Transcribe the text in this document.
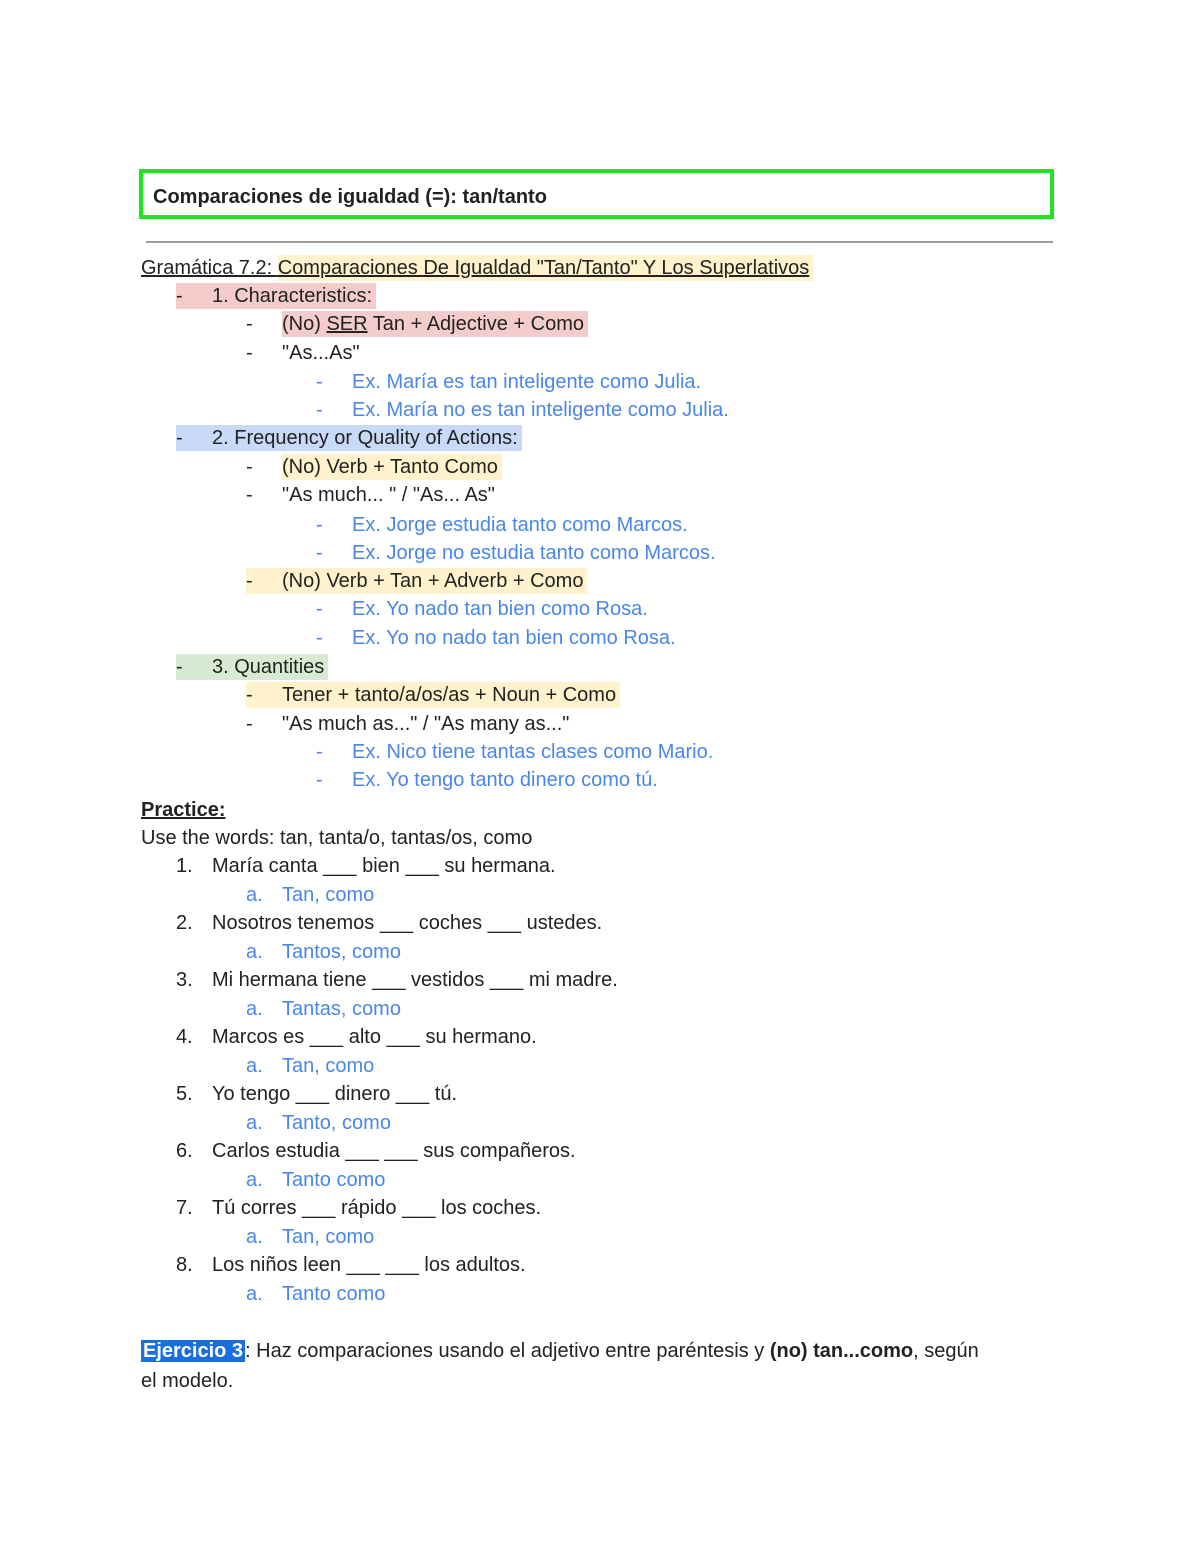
Comparaciones de igualdad (=): tan/tanto
Gramática 7.2: Comparaciones De Igualdad "Tan/Tanto" Y Los Superlativos
- 1. Characteristics:
- (No) SER Tan + Adjective + Como
- "As...As"
- Ex. María es tan inteligente como Julia.
- Ex. María no es tan inteligente como Julia.
- 2. Frequency or Quality of Actions:
- (No) Verb + Tanto Como
- "As much... " / "As... As"
- Ex. Jorge estudia tanto como Marcos.
- Ex. Jorge no estudia tanto como Marcos.
- (No) Verb + Tan + Adverb + Como
- Ex. Yo nado tan bien como Rosa.
- Ex. Yo no nado tan bien como Rosa.
- 3. Quantities
- Tener + tanto/a/os/as + Noun + Como
- "As much as..." / "As many as..."
- Ex. Nico tiene tantas clases como Mario.
- Ex. Yo tengo tanto dinero como tú.
Practice:
Use the words: tan, tanta/o, tantas/os, como
1. María canta ___ bien ___ su hermana.
a. Tan, como
2. Nosotros tenemos ___ coches ___ ustedes.
a. Tantos, como
3. Mi hermana tiene ___ vestidos ___ mi madre.
a. Tantas, como
4. Marcos es ___ alto ___ su hermano.
a. Tan, como
5. Yo tengo ___ dinero ___ tú.
a. Tanto, como
6. Carlos estudia ___ ___ sus compañeros.
a. Tanto como
7. Tú corres ___ rápido ___ los coches.
a. Tan, como
8. Los niños leen ___ ___ los adultos.
a. Tanto como
Ejercicio 3 : Haz comparaciones usando el adjetivo entre paréntesis y (no) tan...como, según
el modelo.
